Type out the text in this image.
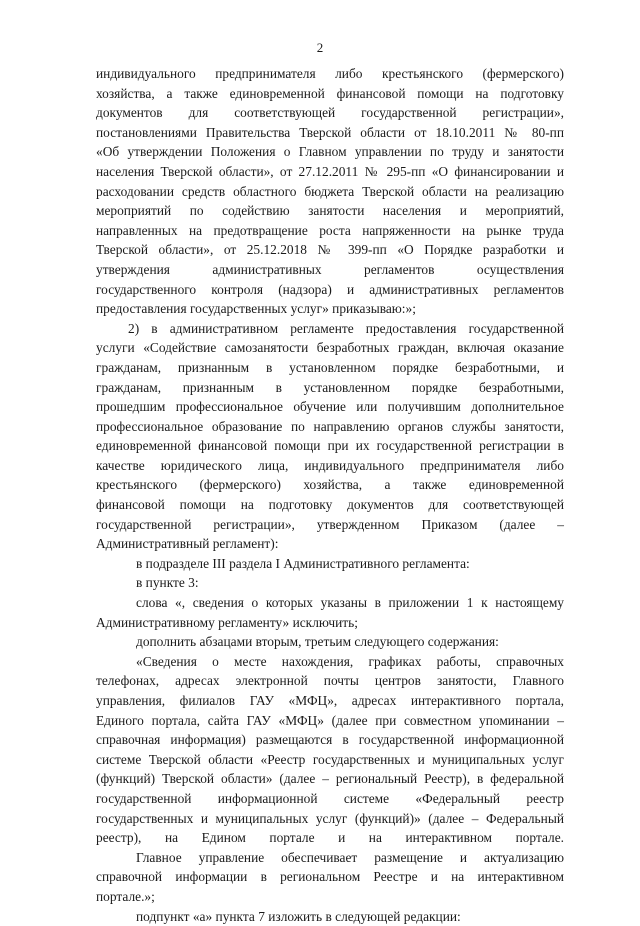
2
индивидуального предпринимателя либо крестьянского (фермерского)
хозяйства, а также единовременной финансовой помощи на подготовку
документов для соответствующей государственной регистрации»,
постановлениями Правительства Тверской области от 18.10.2011 № 80-пп
«Об утверждении Положения о Главном управлении по труду и занятости
населения Тверской области», от 27.12.2011 № 295-пп «О финансировании и
расходовании средств областного бюджета Тверской области на реализацию
мероприятий по содействию занятости населения и мероприятий,
направленных на предотвращение роста напряженности на рынке труда
Тверской области», от 25.12.2018 № 399-пп «О Порядке разработки и
утверждения административных регламентов осуществления
государственного контроля (надзора) и административных регламентов
предоставления государственных услуг» приказываю:»;
2) в административном регламенте предоставления государственной
услуги «Содействие самозанятости безработных граждан, включая оказание
гражданам, признанным в установленном порядке безработными, и
гражданам, признанным в установленном порядке безработными,
прошедшим профессиональное обучение или получившим дополнительное
профессиональное образование по направлению органов службы занятости,
единовременной финансовой помощи при их государственной регистрации в
качестве юридического лица, индивидуального предпринимателя либо
крестьянского (фермерского) хозяйства, а также единовременной
финансовой помощи на подготовку документов для соответствующей
государственной регистрации», утвержденном Приказом (далее –
Административный регламент):
в подразделе III раздела I Административного регламента:
в пункте 3:
слова «, сведения о которых указаны в приложении 1 к настоящему
Административному регламенту» исключить;
дополнить абзацами вторым, третьим следующего содержания:
«Сведения о месте нахождения, графиках работы, справочных
телефонах, адресах электронной почты центров занятости, Главного
управления, филиалов ГАУ «МФЦ», адресах интерактивного портала,
Единого портала, сайта ГАУ «МФЦ» (далее при совместном упоминании –
справочная информация) размещаются в государственной информационной
системе Тверской области «Реестр государственных и муниципальных услуг
(функций) Тверской области» (далее – региональный Реестр), в федеральной
государственной информационной системе «Федеральный реестр
государственных и муниципальных услуг (функций)» (далее – Федеральный
реестр), на Едином портале и на интерактивном портале.
Главное управление обеспечивает размещение и актуализацию
справочной информации в региональном Реестре и на интерактивном
портале.»;
подпункт «а» пункта 7 изложить в следующей редакции:
